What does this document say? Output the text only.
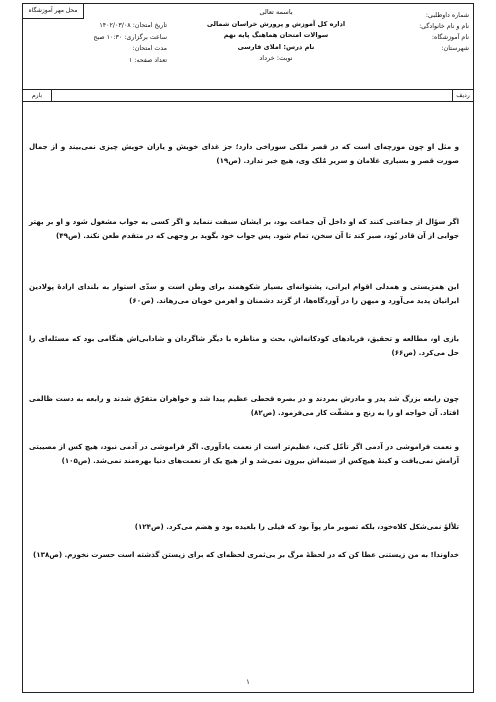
شماره داوطلبی:
نام و نام خانوادگی:
نام آموزشگاه:
شهرستان:
باسمه تعالی
اداره کل آموزش و پرورش خراسان شمالی
سوالات امتحان هماهنگ پایه نهم
نام درس: املای فارسی
نوبت: خرداد
تاریخ امتحان: ۱۴۰۲/۰۳/۰۸
ساعت برگزاری: ۱۰:۳۰ صبح
مدت امتحان:
تعداد صفحه: ۱
محل مهر آموزشگاه
ردیف
بارم
و مثل او چون مورچه‌ای است که در قصر ملکی سوراخی دارد؛ جز غذای خویش و یاران خویش چیزی نمی‌بیند و از جمال صورت قصر و بسیاری غلامان و سریر مُلک وی، هیچ خبر ندارد. (ص۱۹)
اگر سؤال از جماعتی کنند که او داخل آن جماعت بود، بر ایشان سبقت ننماید و اگر کسی به جواب مشغول شود و او بر بهتر جوابی از آن قادر بُود، صبر کند تا آن سخن، تمام شود. پس جواب خود بگوید بر وجهی که در متقدم طعن نکند. (ص۴۹)
این همزیستی و همدلی اقوام ایرانی، پشتوانه‌ای بسیار شکوهمند برای وطن است و سدّی استوار به بلندای ارادهٔ پولادین ایرانیان پدید می‌آورد و میهن را در آوردگاه‌ها، از گزند دشمنان و اهرمن خویان می‌رهاند. (ص۶۰)
بازی او، مطالعه و تحقیق، فریادهای کودکانه‌اش، بحث و مناظره با دیگر شاگردان و شادابی‌اش هنگامی بود که مسئله‌ای را حل می‌کرد. (ص۶۶)
چون رابعه بزرگ شد پدر و مادرش بمردند و در بصره قحطی عظیم پیدا شد و خواهران متفرّق شدند و رابعه به دست ظالمی افتاد. آن خواجه او را به رنج و مشقّت کار می‌فرمود. (ص۸۲)
و نعمت فراموشی در آدمی اگر تأمّل کنی، عظیم‌تر است از نعمت یادآوری. اگر فراموشی در آدمی نبود، هیچ کس از مصیبتی آرامش نمی‌یافت و کینهٔ هیچ‌کس از سینه‌اش بیرون نمی‌شد و از هیچ یک از نعمت‌های دنیا بهره‌مند نمی‌شد. (ص۱۰۵)
تلألؤ نمی‌شکل کلاه‌خود، بلکه تصویر مار پوآ بود که فیلی را بلعیده بود و هضم می‌کرد. (ص۱۲۴)
خداوندا! به من زیستنی عطا کن که در لحظهٔ مرگ بر بی‌ثمری لحظه‌ای که برای زیستن گذشته است حسرت نخورم. (ص۱۳۸)
۱
